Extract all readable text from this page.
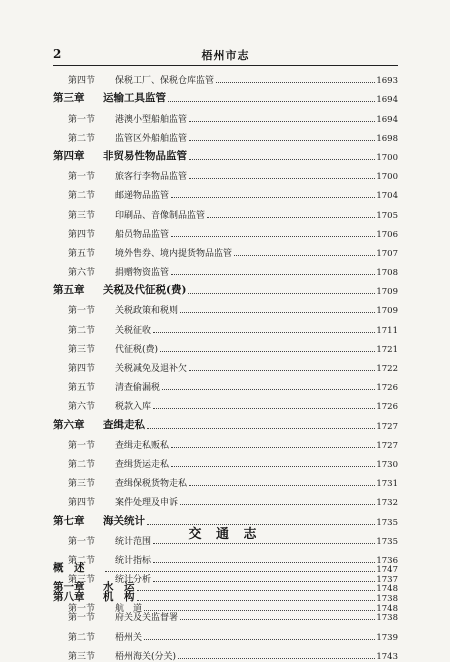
2	梧州市志
第四节	保税工厂、保税仓库监管	1693
第三章	运输工具监管	1694
第一节	港澳小型船舶监管	1694
第二节	监管区外船舶监管	1698
第四章	非贸易性物品监管	1700
第一节	旅客行李物品监管	1700
第二节	邮递物品监管	1704
第三节	印刷品、音像制品监管	1705
第四节	船员物品监管	1706
第五节	境外售券、境内提货物品监管	1707
第六节	捐赠物资监管	1708
第五章	关税及代征税(费)	1709
第一节	关税政策和税则	1709
第二节	关税征收	1711
第三节	代征税(费)	1721
第四节	关税减免及退补欠	1722
第五节	清查偷漏税	1726
第六节	税款入库	1726
第六章	查缉走私	1727
第一节	查缉走私贩私	1727
第二节	查缉货运走私	1730
第三节	查缉保税货物走私	1731
第四节	案件处理及申诉	1732
第七章	海关统计	1735
第一节	统计范围	1735
第二节	统计指标	1736
第三节	统计分析	1737
第八章	机　构	1738
第一节	府关及关监督署	1738
第二节	梧州关	1739
第三节	梧州海关(分关)	1743
交 通 志
概　述	1747
第一章	水　运	1748
第一节	航　道	1748
